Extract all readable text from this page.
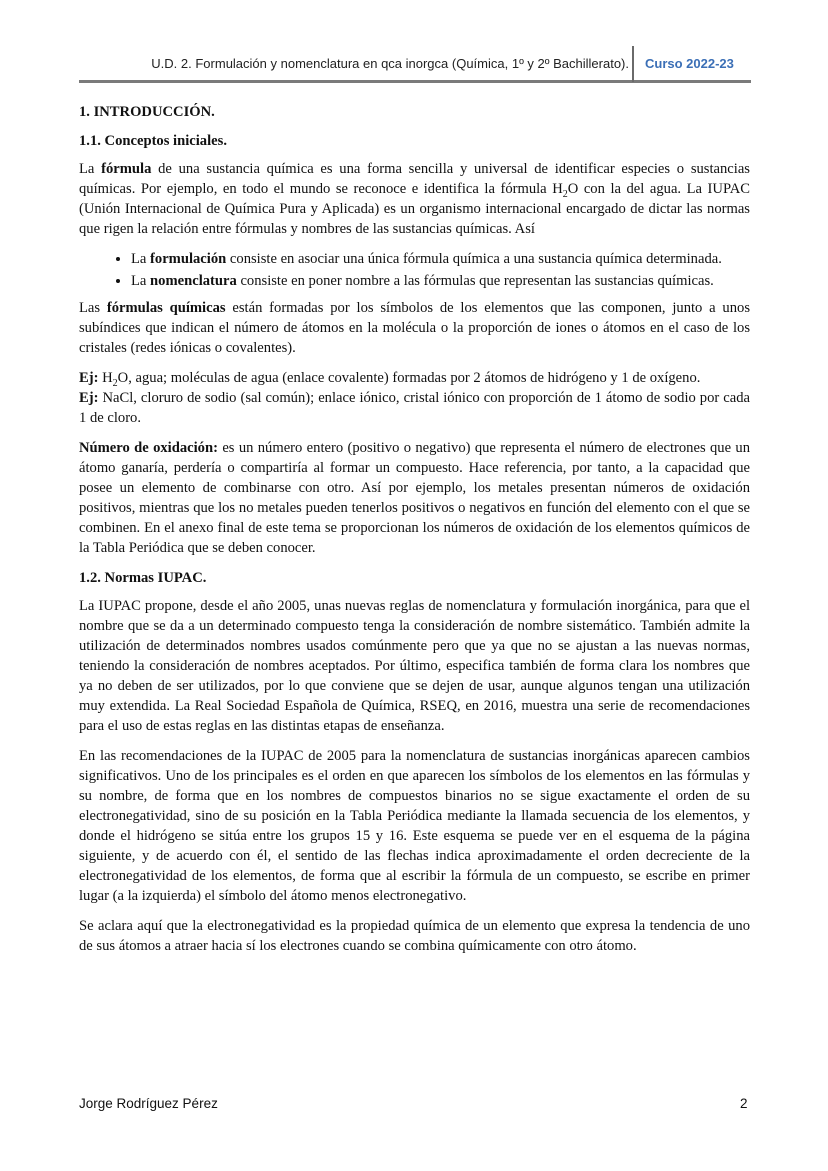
U.D. 2. Formulación y nomenclatura en qca inorgca (Química, 1º y 2º Bachillerato). Curso 2022-23
1. INTRODUCCIÓN.
1.1. Conceptos iniciales.

La fórmula de una sustancia química es una forma sencilla y universal de identificar especies o sustancias químicas. Por ejemplo, en todo el mundo se reconoce e identifica la fórmula $H_2O$ con la del agua. La IUPAC (Unión Internacional de Química Pura y Aplicada) es un organismo internacional encargado de dictar las normas que rigen la relación entre fórmulas y nombres de las sustancias químicas. Así

• La formulación consiste en asociar una única fórmula química a una sustancia química determinada.
• La nomenclatura consiste en poner nombre a las fórmulas que representan las sustancias químicas.

Las fórmulas químicas están formadas por los símbolos de los elementos que las componen, junto a unos subíndices que indican el número de átomos en la molécula o la proporción de iones o átomos en el caso de los cristales (redes iónicas o covalentes).

Ej: $H_2O$, agua; moléculas de agua (enlace covalente) formadas por 2 átomos de hidrógeno y 1 de oxígeno.

Ej: NaCl, cloruro de sodio (sal común); enlace iónico, cristal iónico con proporción de 1 átomo de sodio por cada 1 de cloro.

Número de oxidación: es un número entero (positivo o negativo) que representa el número de electrones que un átomo ganaría, perdería o compartiría al formar un compuesto. Hace referencia, por tanto, a la capacidad que posee un elemento de combinarse con otro. Así por ejemplo, los metales presentan números de oxidación positivos, mientras que los no metales pueden tenerlos positivos o negativos en función del elemento con el que se combinen. En el anexo final de este tema se proporcionan los números de oxidación de los elementos químicos de la Tabla Periódica que se deben conocer.

1.2. Normas IUPAC.

La IUPAC propone, desde el año 2005, unas nuevas reglas de nomenclatura y formulación inorgánica, para que el nombre que se da a un determinado compuesto tenga la consideración de nombre sistemático. También admite la utilización de determinados nombres usados comúnmente pero que ya que no se ajustan a las nuevas normas, teniendo la consideración de nombres aceptados. Por último, especifica también de forma clara los nombres que ya no deben de ser utilizados, por lo que conviene que se dejen de usar, aunque algunos tengan una utilización muy extendida. La Real Sociedad Española de Química, RSEQ, en 2016, muestra una serie de recomendaciones para el uso de estas reglas en las distintas etapas de enseñanza.

En las recomendaciones de la IUPAC de 2005 para la nomenclatura de sustancias inorgánicas aparecen cambios significativos. Uno de los principales es el orden en que aparecen los símbolos de los elementos en las fórmulas y su nombre, de forma que en los nombres de compuestos binarios no se sigue exactamente el orden de su electronegatividad, sino de su posición en la Tabla Periódica mediante la llamada secuencia de los elementos, y donde el hidrógeno se sitúa entre los grupos 15 y 16. Este esquema se puede ver en el esquema de la página siguiente, y de acuerdo con él, el sentido de las flechas indica aproximadamente el orden decreciente de la electronegatividad de los elementos, de forma que al escribir la fórmula de un compuesto, se escribe en primer lugar (a la izquierda) el símbolo del átomo menos electronegativo.

Se aclara aquí que la electronegatividad es la propiedad química de un elemento que expresa la tendencia de uno de sus átomos a atraer hacia sí los electrones cuando se combina químicamente con otro átomo.

Jorge Rodríguez Pérez	2
